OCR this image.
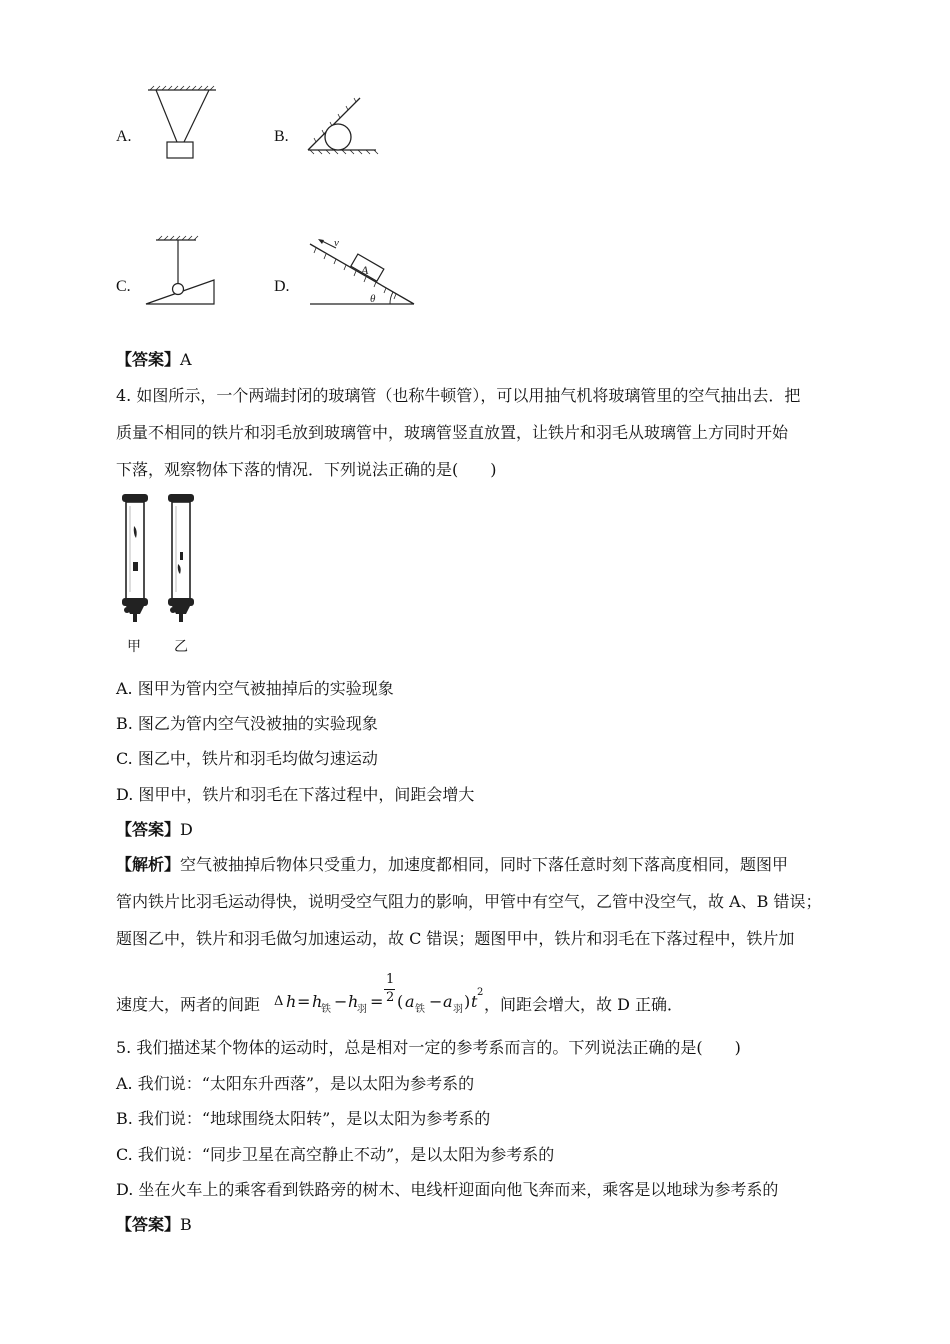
A.	B.
C.	D.
A
v
θ
【答案】A
4. 如图所示，一个两端封闭的玻璃管（也称牛顿管），可以用抽气机将玻璃管里的空气抽出去．把
质量不相同的铁片和羽毛放到玻璃管中，玻璃管竖直放置，让铁片和羽毛从玻璃管上方同时开始
下落，观察物体下落的情况．下列说法正确的是(　　)
甲 乙
A. 图甲为管内空气被抽掉后的实验现象
B. 图乙为管内空气没被抽的实验现象
C. 图乙中，铁片和羽毛均做匀速运动
D. 图甲中，铁片和羽毛在下落过程中，间距会增大
【答案】D
【解析】空气被抽掉后物体只受重力，加速度都相同，同时下落任意时刻下落高度相同，题图甲
管内铁片比羽毛运动得快，说明受空气阻力的影响，甲管中有空气，乙管中没空气，故 A、B 错误；
题图乙中，铁片和羽毛做匀加速运动，故 C 错误；题图甲中，铁片和羽毛在下落过程中，铁片加
速度大，两者的间距 Δ h = h
铁 − h
羽 =
1
2 ( a 铁 − a 羽 ) t 2
，间距会增大，故 D 正确．
5. 我们描述某个物体的运动时，总是相对一定的参考系而言的。下列说法正确的是(　　)
A. 我们说：“太阳东升西落”，是以太阳为参考系的
B. 我们说：“地球围绕太阳转”，是以太阳为参考系的
C. 我们说：“同步卫星在高空静止不动”，是以太阳为参考系的
D. 坐在火车上的乘客看到铁路旁的树木、电线杆迎面向他飞奔而来，乘客是以地球为参考系的
【答案】B
